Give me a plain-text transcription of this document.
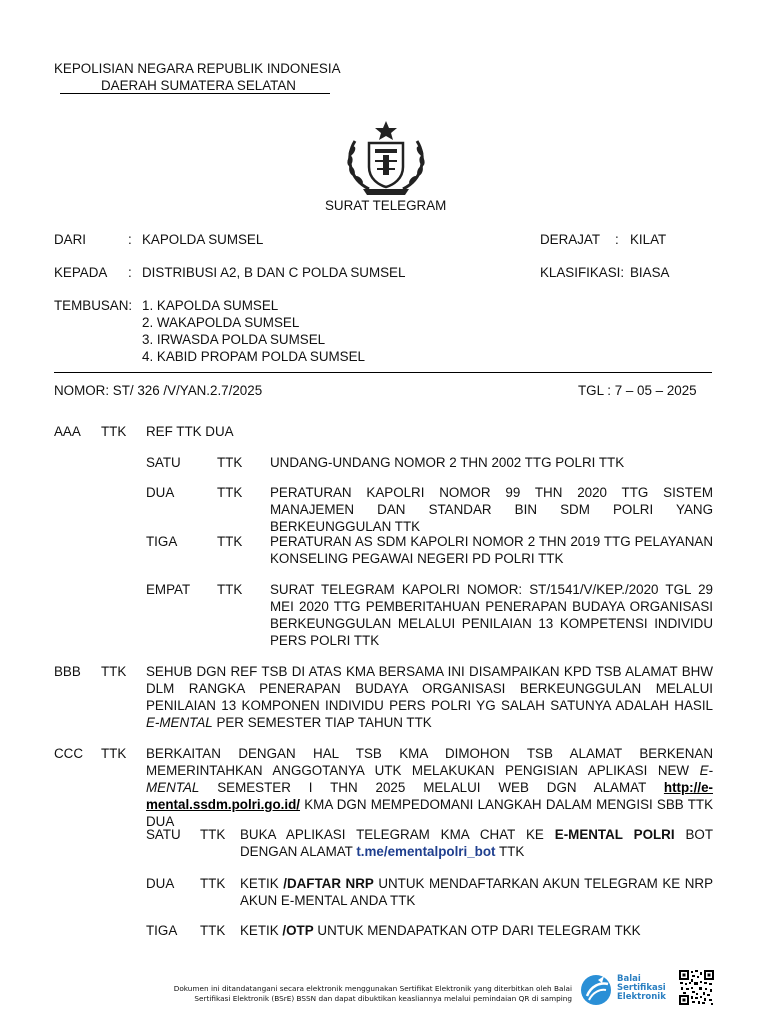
KEPOLISIAN NEGARA REPUBLIK INDONESIA
DAERAH SUMATERA SELATAN
SURAT TELEGRAM
DARI	: KAPOLDA SUMSEL	DERAJAT : KILAT
KEPADA : DISTRIBUSI A2, B DAN C POLDA SUMSEL	KLASIFIKASI: BIASA
TEMBUSAN: 1. KAPOLDA SUMSEL
2. WAKAPOLDA SUMSEL
3. IRWASDA POLDA SUMSEL
4. KABID PROPAM POLDA SUMSEL
NOMOR: ST/ 326 /V/YAN.2.7/2025	TGL : 7 – 05 – 2025
AAA TTK REF TTK DUA
SATU	TTK UNDANG-UNDANG NOMOR 2 THN 2002 TTG POLRI TTK
DUA	TTK PERATURAN KAPOLRI NOMOR 99 THN 2020 TTG SISTEM MANAJEMEN DAN STANDAR BIN SDM POLRI YANG BERKEUNGGULAN TTK
TIGA	TTK PERATURAN AS SDM KAPOLRI NOMOR 2 THN 2019 TTG PELAYANAN KONSELING PEGAWAI NEGERI PD POLRI TTK
EMPAT TTK SURAT TELEGRAM KAPOLRI NOMOR: ST/1541/V/KEP./2020 TGL 29 MEI 2020 TTG PEMBERITAHUAN PENERAPAN BUDAYA ORGANISASI BERKEUNGGULAN MELALUI PENILAIAN 13 KOMPETENSI INDIVIDU PERS POLRI TTK
BBB TTK SEHUB DGN REF TSB DI ATAS KMA BERSAMA INI DISAMPAIKAN KPD TSB ALAMAT BHW DLM RANGKA PENERAPAN BUDAYA ORGANISASI BERKEUNGGULAN MELALUI PENILAIAN 13 KOMPONEN INDIVIDU PERS POLRI YG SALAH SATUNYA ADALAH HASIL E-MENTAL PER SEMESTER TIAP TAHUN TTK
CCC TTK BERKAITAN DENGAN HAL TSB KMA DIMOHON TSB ALAMAT BERKENAN MEMERINTAHKAN ANGGOTANYA UTK MELAKUKAN PENGISIAN APLIKASI NEW E-MENTAL SEMESTER I THN 2025 MELALUI WEB DGN ALAMAT http://e-mental.ssdm.polri.go.id/ KMA DGN MEMPEDOMANI LANGKAH DALAM MENGISI SBB TTK DUA
SATU TTK BUKA APLIKASI TELEGRAM KMA CHAT KE E-MENTAL POLRI BOT DENGAN ALAMAT t.me/ementalpolri_bot TTK
DUA TTK KETIK /DAFTAR NRP UNTUK MENDAFTARKAN AKUN TELEGRAM KE NRP AKUN E-MENTAL ANDA TTK
TIGA TTK KETIK /OTP UNTUK MENDAPATKAN OTP DARI TELEGRAM TKK
Dokumen ini ditandatangani secara elektronik menggunakan Sertifikat Elektronik yang diterbitkan oleh Balai
Sertifikasi Elektronik (BSrE) BSSN dan dapat dibuktikan keasliannya melalui pemindaian QR di samping
Balai
Sertifikasi
Elektronik
